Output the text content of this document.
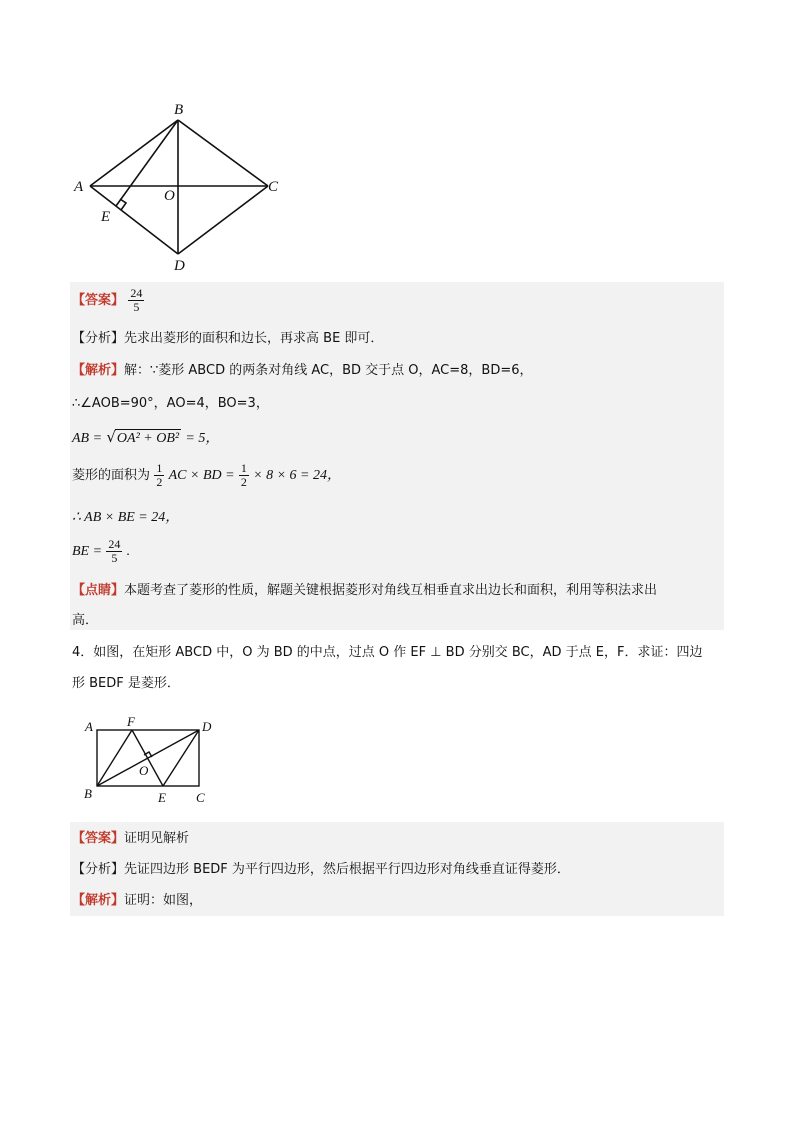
B
A	C
O
E
D
【答案】 $\frac{24}{5}$
【分析】先求出菱形的面积和边长，再求高 BE 即可．
【解析】解：∵菱形 ABCD 的两条对角线 AC，BD 交于点 O，AC=8，BD=6，
∴∠AOB=90°，AO=4，BO=3，
AB = √OA² + OB² = 5，
菱形的面积为 $\frac{1}{2}$ AC × BD = $\frac{1}{2} \times 8 \times 6 = 24$，
∴ AB × BE = 24，
BE = $\frac{24}{5}$ .
【点睛】本题考查了菱形的性质，解题关键根据菱形对角线互相垂直求出边长和面积，利用等积法求出
高．
4．如图，在矩形 ABCD 中，O 为 BD 的中点，过点 O 作 EF ⊥ BD 分别交 BC，AD 于点 E，F．求证：四边
形 BEDF 是菱形．
A	F	D
O
B	E C
【答案】证明见解析
【分析】先证四边形 BEDF 为平行四边形，然后根据平行四边形对角线垂直证得菱形．
【解析】证明：如图，
